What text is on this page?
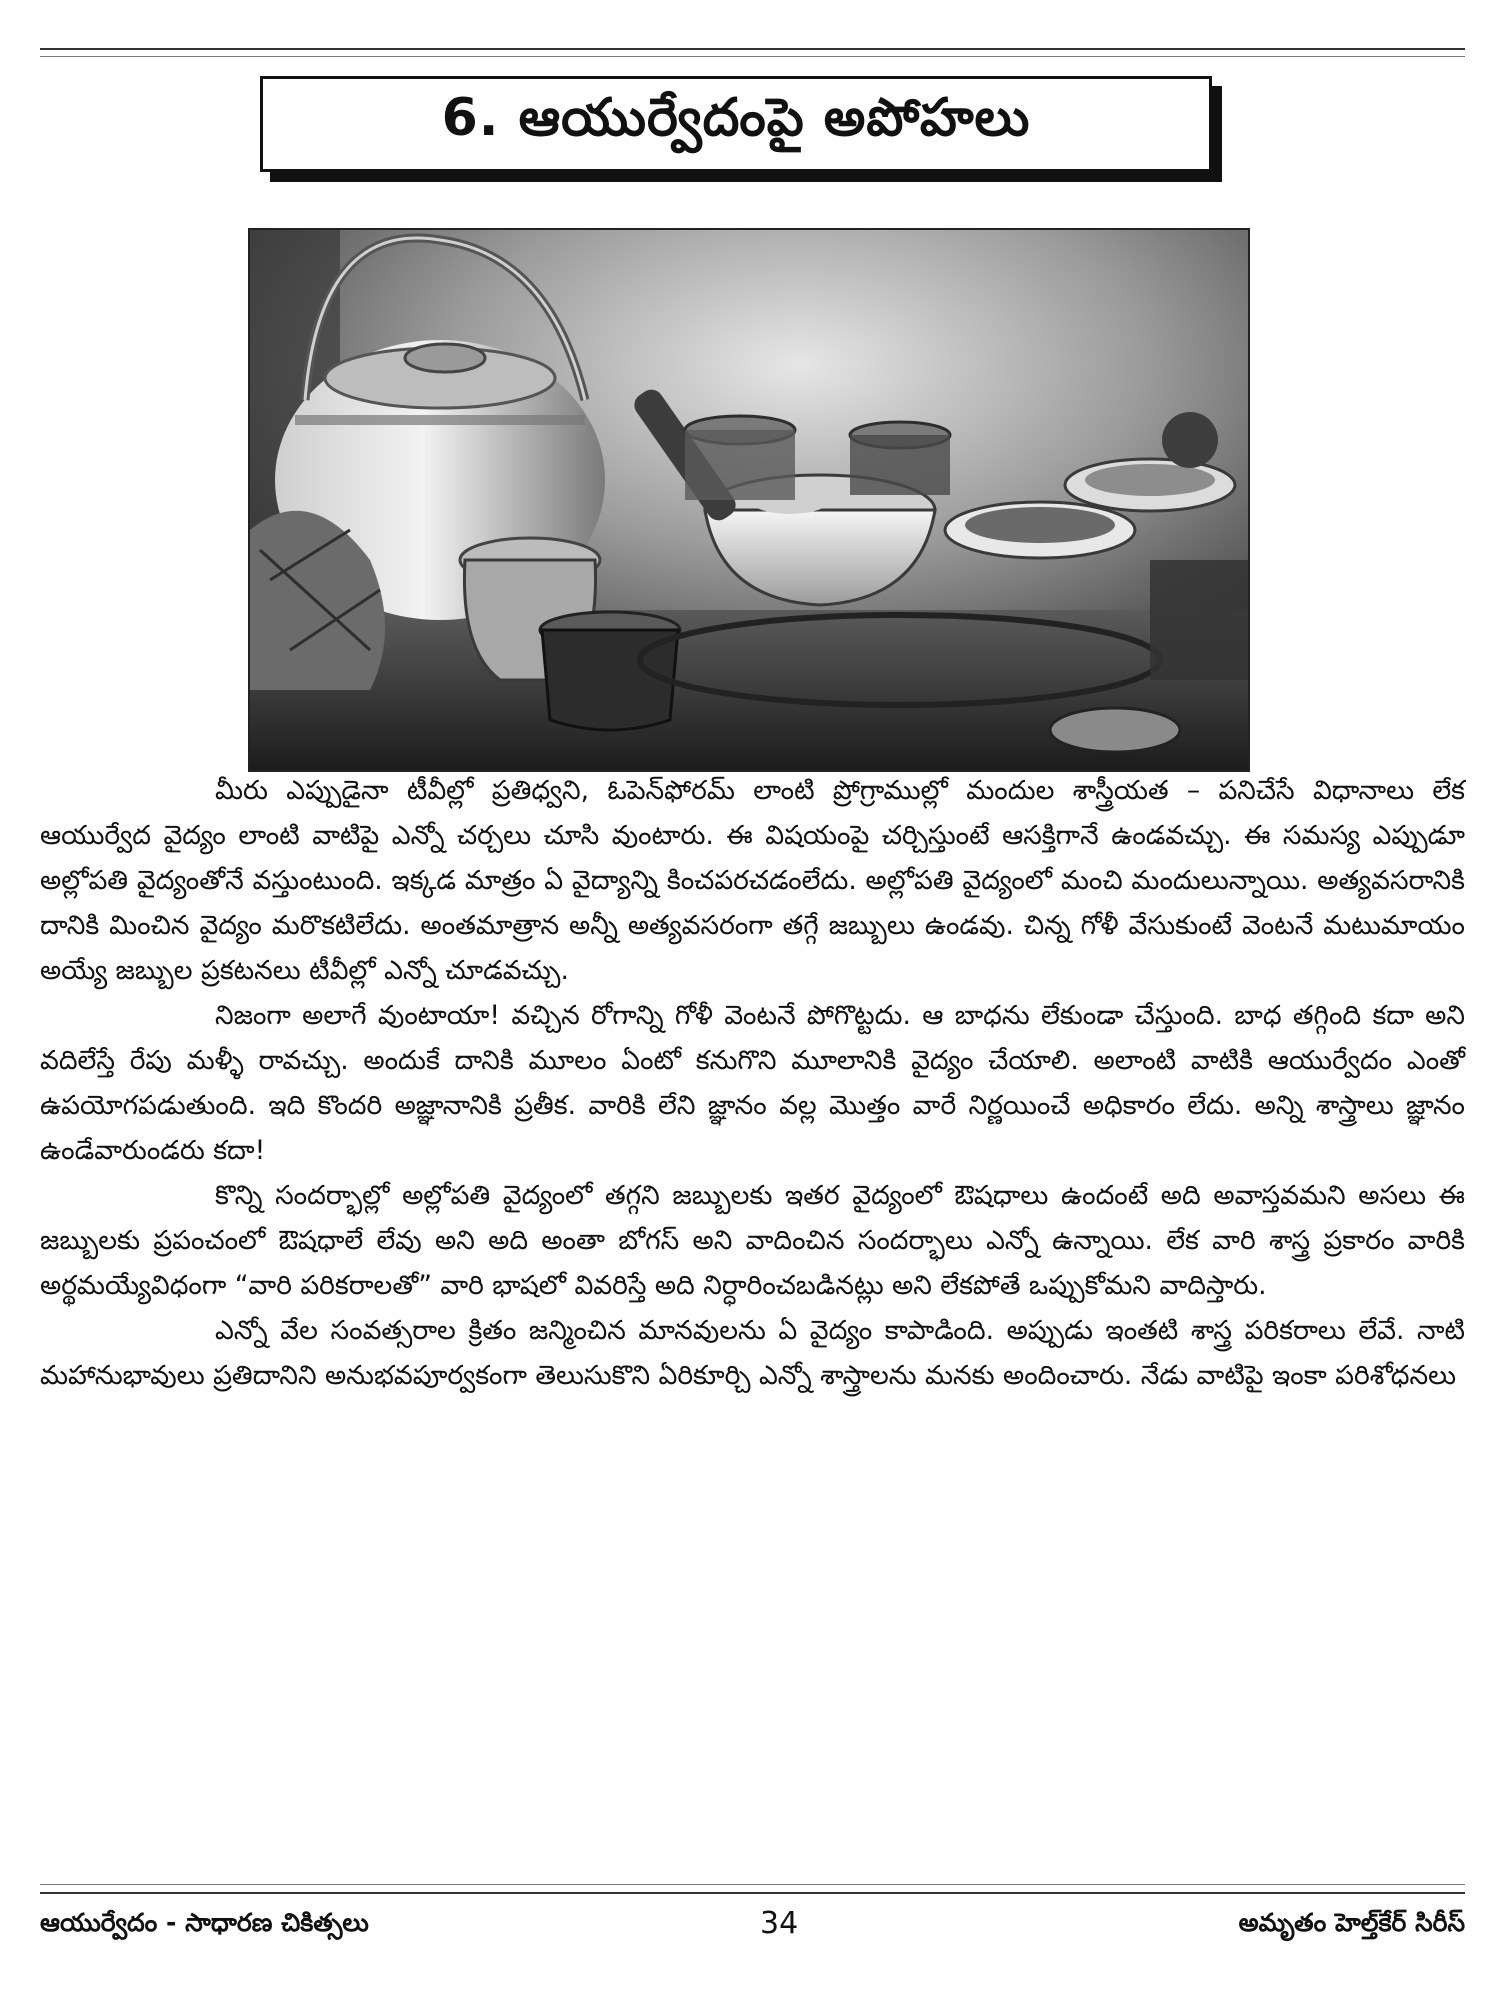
6. ఆయుర్వేదంపై అపోహలు

మీరు ఎప్పుడైనా టీవీల్లో ప్రతిధ్వని, ఓపెన్‌ఫోరమ్ లాంటి ప్రోగ్రాముల్లో మందుల శాస్త్రీయత – పనిచేసే విధానాలు లేక ఆయుర్వేద వైద్యం లాంటి వాటిపై ఎన్నో చర్చలు చూసి వుంటారు. ఈ విషయంపై చర్చిస్తుంటే ఆసక్తిగానే ఉండవచ్చు. ఈ సమస్య ఎప్పుడూ అల్లోపతి వైద్యంతోనే వస్తుంటుంది. ఇక్కడ మాత్రం ఏ వైద్యాన్ని కించపరచడంలేదు. అల్లోపతి వైద్యంలో మంచి మందులున్నాయి. అత్యవసరానికి దానికి మించిన వైద్యం మరొకటిలేదు. అంతమాత్రాన అన్నీ అత్యవసరంగా తగ్గే జబ్బులు ఉండవు. చిన్న గోళీ వేసుకుంటే వెంటనే మటుమాయం అయ్యే జబ్బుల ప్రకటనలు టీవీల్లో ఎన్నో చూడవచ్చు.

నిజంగా అలాగే వుంటాయా! వచ్చిన రోగాన్ని గోళీ వెంటనే పోగొట్టదు. ఆ బాధను లేకుండా చేస్తుంది. బాధ తగ్గింది కదా అని వదిలేస్తే రేపు మళ్ళీ రావచ్చు. అందుకే దానికి మూలం ఏంటో కనుగొని మూలానికి వైద్యం చేయాలి. అలాంటి వాటికి ఆయుర్వేదం ఎంతో ఉపయోగపడుతుంది. ఇది కొందరి అజ్ఞానానికి ప్రతీక. వారికి లేని జ్ఞానం వల్ల మొత్తం వారే నిర్ణయించే అధికారం లేదు. అన్ని శాస్త్రాలు జ్ఞానం ఉండేవారుండరు కదా!

కొన్ని సందర్భాల్లో అల్లోపతి వైద్యంలో తగ్గని జబ్బులకు ఇతర వైద్యంలో ఔషధాలు ఉందంటే అది అవాస్తవమని అసలు ఈ జబ్బులకు ప్రపంచంలో ఔషధాలే లేవు అని అది అంతా బోగస్ అని వాదించిన సందర్భాలు ఎన్నో ఉన్నాయి. లేక వారి శాస్త్ర ప్రకారం వారికి అర్థమయ్యేవిధంగా “వారి పరికరాలతో” వారి భాషలో వివరిస్తే అది నిర్ధారించబడినట్లు అని లేకపోతే ఒప్పుకోమని వాదిస్తారు.

ఎన్నో వేల సంవత్సరాల క్రితం జన్మించిన మానవులను ఏ వైద్యం కాపాడింది. అప్పుడు ఇంతటి శాస్త్ర పరికరాలు లేవే. నాటి మహానుభావులు ప్రతిదానిని అనుభవపూర్వకంగా తెలుసుకొని ఏరికూర్చి ఎన్నో శాస్త్రాలను మనకు అందించారు. నేడు వాటిపై ఇంకా పరిశోధనలు

ఆయుర్వేదం - సాధారణ చికిత్సలు	34	అమృతం హెల్త్‌కేర్ సిరీస్
